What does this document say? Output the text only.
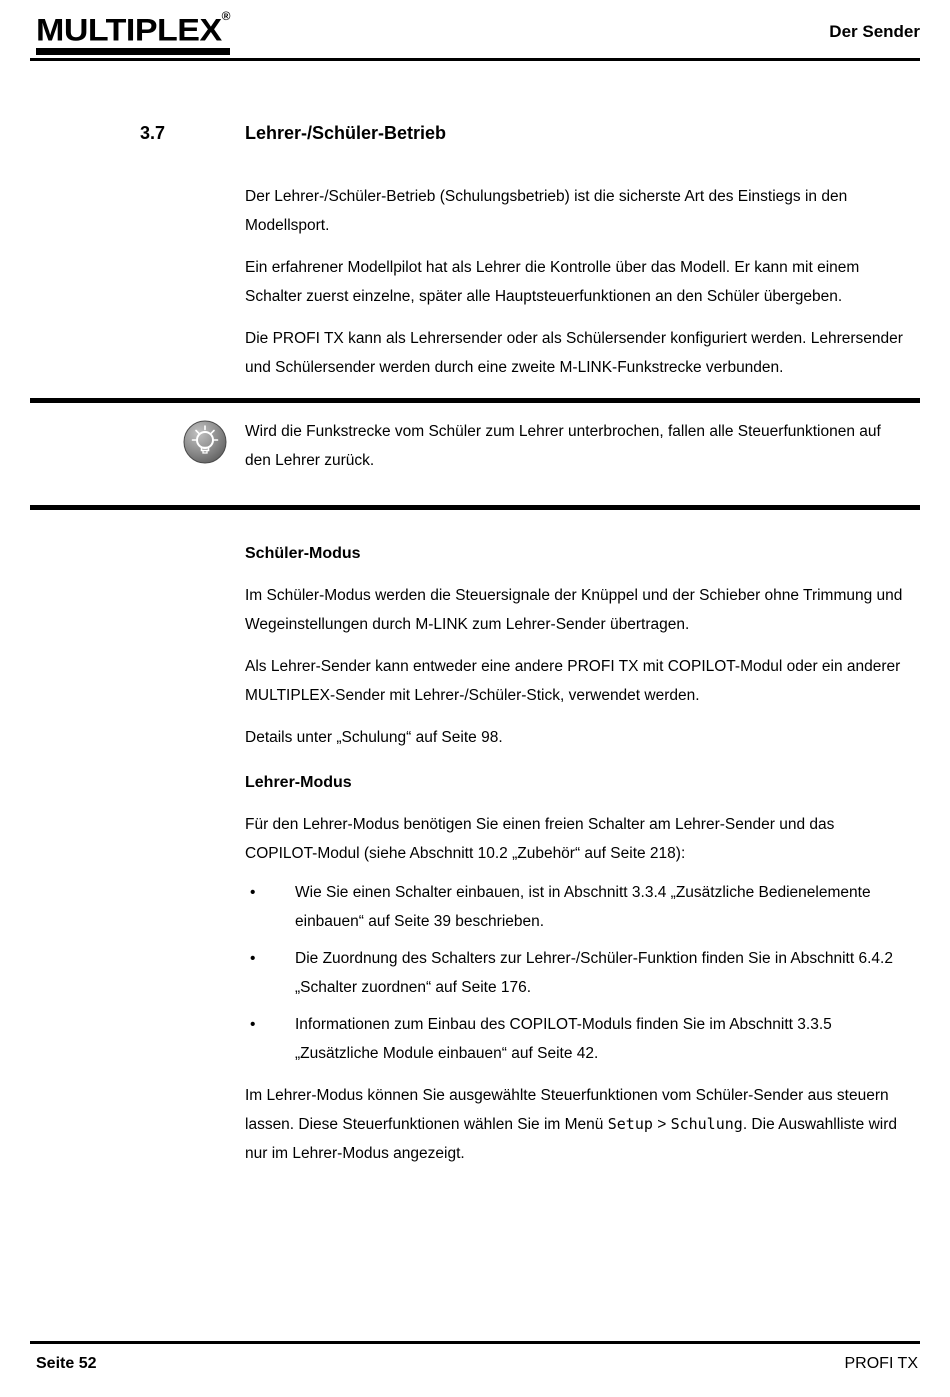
MULTIPLEX®
Der Sender
3.7	Lehrer-/Schüler-Betrieb

Der Lehrer-/Schüler-Betrieb (Schulungsbetrieb) ist die sicherste Art des Einstiegs in den Modellsport.

Ein erfahrener Modellpilot hat als Lehrer die Kontrolle über das Modell. Er kann mit einem Schalter zuerst einzelne, später alle Hauptsteuerfunktionen an den Schüler übergeben.

Die PROFI TX kann als Lehrersender oder als Schülersender konfiguriert werden. Lehrersender und Schülersender werden durch eine zweite M-LINK-Funkstrecke verbunden.

Wird die Funkstrecke vom Schüler zum Lehrer unterbrochen, fallen alle Steuerfunktionen auf den Lehrer zurück.

Schüler-Modus

Im Schüler-Modus werden die Steuersignale der Knüppel und der Schieber ohne Trimmung und Wegeinstellungen durch M-LINK zum Lehrer-Sender übertragen.

Als Lehrer-Sender kann entweder eine andere PROFI TX mit COPILOT-Modul oder ein anderer MULTIPLEX-Sender mit Lehrer-/Schüler-Stick, verwendet werden.

Details unter „Schulung“ auf Seite 98.

Lehrer-Modus

Für den Lehrer-Modus benötigen Sie einen freien Schalter am Lehrer-Sender und das COPILOT-Modul (siehe Abschnitt 10.2 „Zubehör“ auf Seite 218):

•	Wie Sie einen Schalter einbauen, ist in Abschnitt 3.3.4 „Zusätzliche Bedienelemente einbauen“ auf Seite 39 beschrieben.
•	Die Zuordnung des Schalters zur Lehrer-/Schüler-Funktion finden Sie in Abschnitt 6.4.2 „Schalter zuordnen“ auf Seite 176.
•	Informationen zum Einbau des COPILOT-Moduls finden Sie im Abschnitt 3.3.5 „Zusätzliche Module einbauen“ auf Seite 42.

Im Lehrer-Modus können Sie ausgewählte Steuerfunktionen vom Schüler-Sender aus steuern lassen. Diese Steuerfunktionen wählen Sie im Menü Setup > Schulung. Die Auswahlliste wird nur im Lehrer-Modus angezeigt.

Seite 52	PROFI TX
